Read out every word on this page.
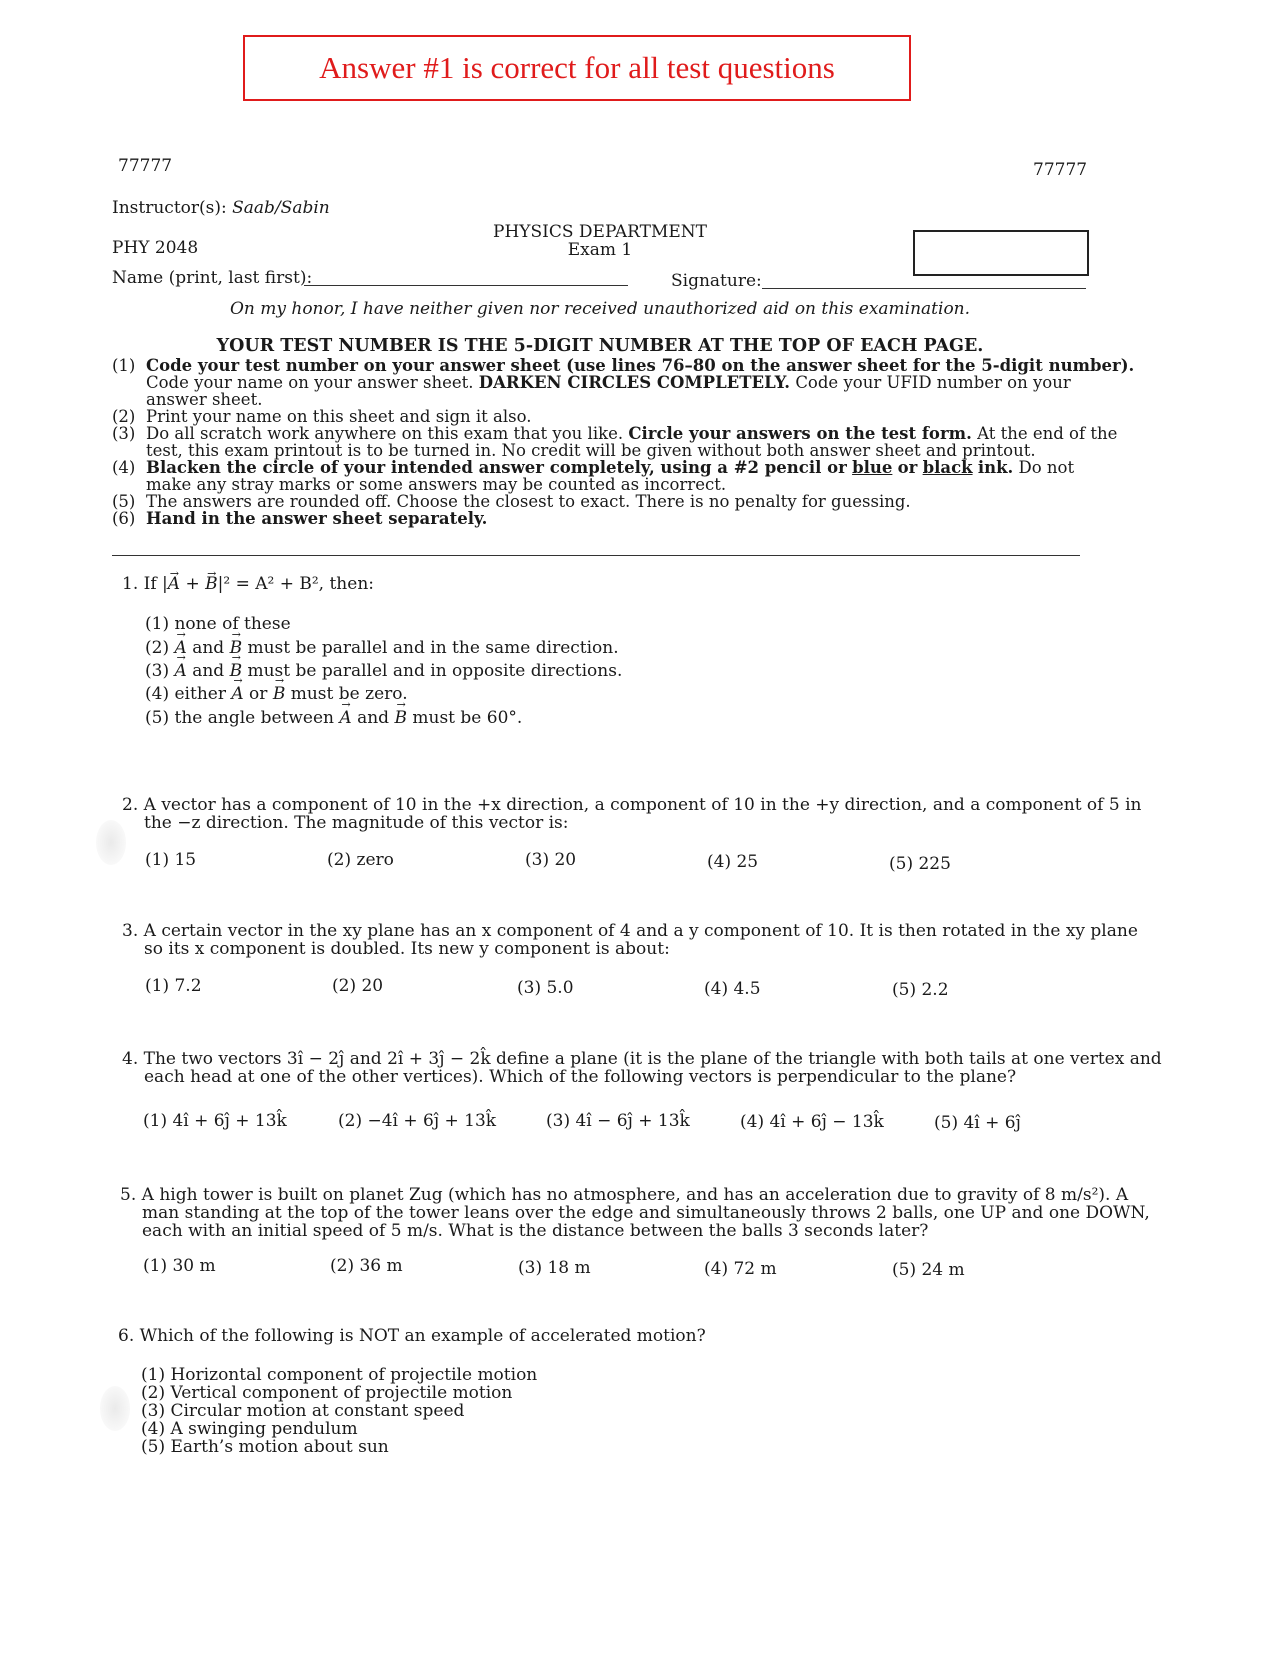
Answer #1 is correct for all test questions
77777	77777
Instructor(s): Saab/Sabin
PHYSICS DEPARTMENT
Exam 1
PHY 2048
Name (print, last first):	Signature:
On my honor, I have neither given nor received unauthorized aid on this examination.
YOUR TEST NUMBER IS THE 5-DIGIT NUMBER AT THE TOP OF EACH PAGE.
(1) Code your test number on your answer sheet (use lines 76–80 on the answer sheet for the 5-digit number).
Code your name on your answer sheet. DARKEN CIRCLES COMPLETELY. Code your UFID number on your
answer sheet.
(2) Print your name on this sheet and sign it also.
(3) Do all scratch work anywhere on this exam that you like. Circle your answers on the test form. At the end of the
test, this exam printout is to be turned in. No credit will be given without both answer sheet and printout.
(4) Blacken the circle of your intended answer completely, using a #2 pencil or blue or black ink. Do not
make any stray marks or some answers may be counted as incorrect.
(5) The answers are rounded off. Choose the closest to exact. There is no penalty for guessing.
(6) Hand in the answer sheet separately.
1. If |→ A + → B|² = A² + B², then:
(1) none of these
(2) → A and → B must be parallel and in the same direction.
(3) → A and → B must be parallel and in opposite directions.
(4) either → A or → B must be zero.
(5) the angle between → A and → B must be 60°.
2. A vector has a component of 10 in the +x direction, a component of 10 in the +y direction, and a component of 5 in
the −z direction. The magnitude of this vector is:
(1) 15	(2) zero	(3) 20	(4) 25	(5) 225
3. A certain vector in the xy plane has an x component of 4 and a y component of 10. It is then rotated in the xy plane
so its x component is doubled. Its new y component is about:
(1) 7.2	(2) 20	(3) 5.0	(4) 4.5	(5) 2.2
4. The two vectors 3î − 2ĵ and 2î + 3ĵ − 2k̂ define a plane (it is the plane of the triangle with both tails at one vertex and
each head at one of the other vertices). Which of the following vectors is perpendicular to the plane?
(1) 4î + 6ĵ + 13k̂	(2) −4î + 6ĵ + 13k̂	(3) 4î − 6ĵ + 13k̂	(4) 4î + 6ĵ − 13k̂	(5) 4î + 6ĵ
5. A high tower is built on planet Zug (which has no atmosphere, and has an acceleration due to gravity of 8 m/s²). A
man standing at the top of the tower leans over the edge and simultaneously throws 2 balls, one UP and one DOWN,
each with an initial speed of 5 m/s. What is the distance between the balls 3 seconds later?
(1) 30 m	(2) 36 m	(3) 18 m	(4) 72 m	(5) 24 m
6. Which of the following is NOT an example of accelerated motion?
(1) Horizontal component of projectile motion
(2) Vertical component of projectile motion
(3) Circular motion at constant speed
(4) A swinging pendulum
(5) Earth’s motion about sun
